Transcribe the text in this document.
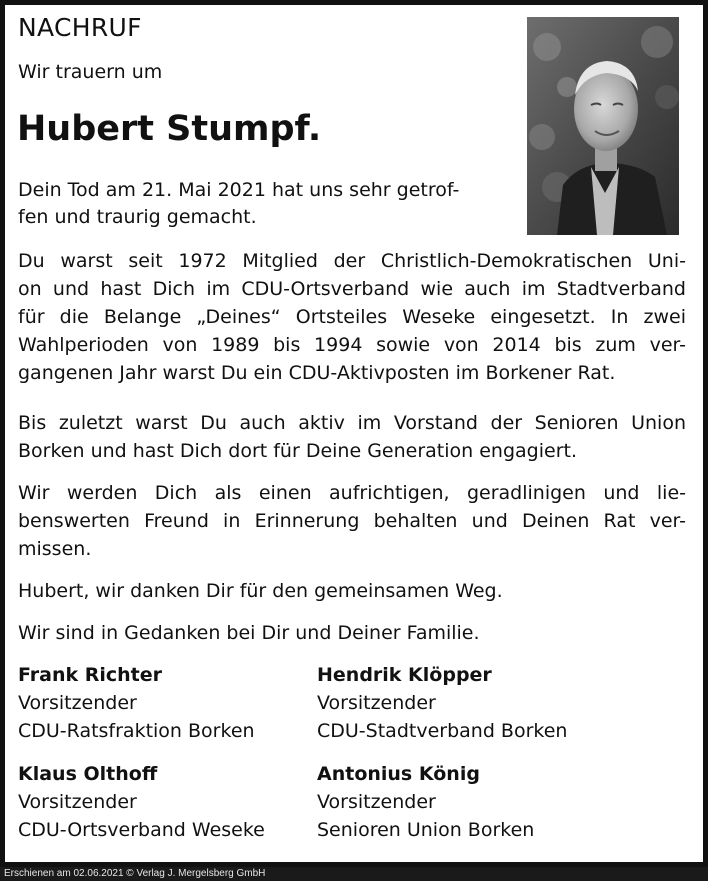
NACHRUF
Wir trauern um
Hubert Stumpf.
Dein Tod am 21. Mai 2021 hat uns sehr getrof-
fen und traurig gemacht.
Du warst seit 1972 Mitglied der Christlich-Demokratischen Uni-
on und hast Dich im CDU-Ortsverband wie auch im Stadtverband
für die Belange „Deines“ Ortsteiles Weseke eingesetzt. In zwei
Wahlperioden von 1989 bis 1994 sowie von 2014 bis zum ver-
gangenen Jahr warst Du ein CDU-Aktivposten im Borkener Rat.
Bis zuletzt warst Du auch aktiv im Vorstand der Senioren Union
Borken und hast Dich dort für Deine Generation engagiert.
Wir werden Dich als einen aufrichtigen, geradlinigen und lie-
benswerten Freund in Erinnerung behalten und Deinen Rat ver-
missen.
Hubert, wir danken Dir für den gemeinsamen Weg.
Wir sind in Gedanken bei Dir und Deiner Familie.
Frank Richter
Vorsitzender
CDU-Ratsfraktion Borken
Hendrik Klöpper
Vorsitzender
CDU-Stadtverband Borken
Klaus Olthoff
Vorsitzender
CDU-Ortsverband Weseke
Antonius König
Vorsitzender
Senioren Union Borken
Erschienen am 02.06.2021 © Verlag J. Mergelsberg GmbH
